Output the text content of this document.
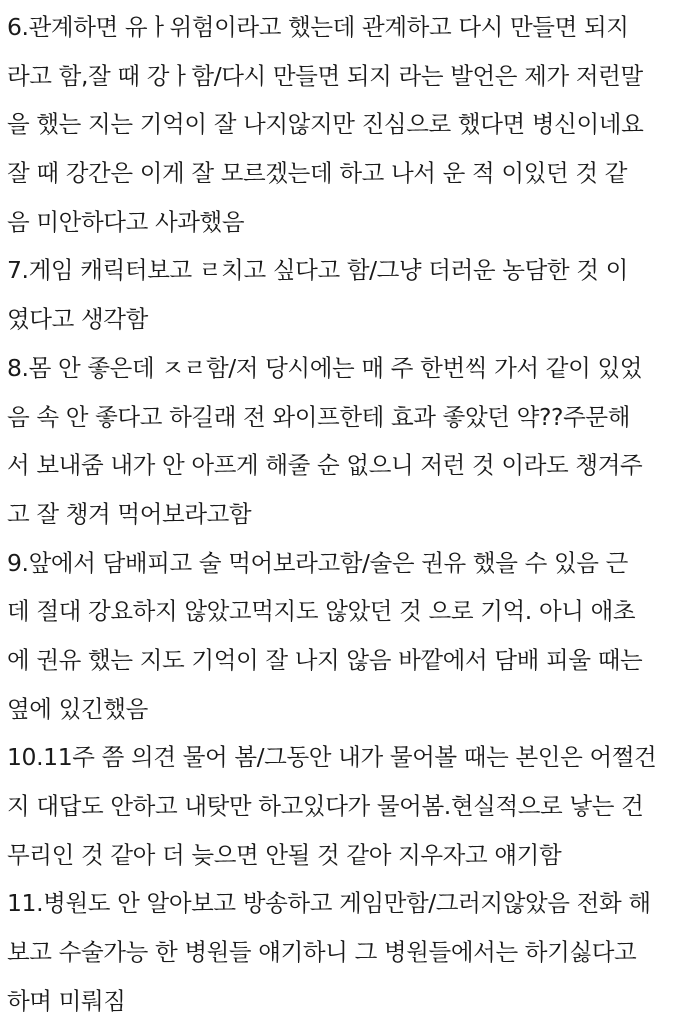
6.관계하면 유ㅏ위험이라고 했는데 관계하고 다시 만들면 되지
라고 함,잘 때 강ㅏ함/다시 만들면 되지 라는 발언은 제가 저런말
을 했는 지는 기억이 잘 나지않지만 진심으로 했다면 병신이네요
잘 때 강간은 이게 잘 모르겠는데 하고 나서 운 적 이있던 것 같
음 미안하다고 사과했음
7.게임 캐릭터보고 ㄹ치고 싶다고 함/그냥 더러운 농담한 것 이
였다고 생각함
8.몸 안 좋은데 ㅈㄹ함/저 당시에는 매 주 한번씩 가서 같이 있었
음 속 안 좋다고 하길래 전 와이프한테 효과 좋았던 약??주문해
서 보내줌 내가 안 아프게 해줄 순 없으니 저런 것 이라도 챙겨주
고 잘 챙겨 먹어보라고함
9.앞에서 담배피고 술 먹어보라고함/술은 권유 했을 수 있음 근
데 절대 강요하지 않았고먹지도 않았던 것 으로 기억. 아니 애초
에 권유 했는 지도 기억이 잘 나지 않음 바깥에서 담배 피울 때는
옆에 있긴했음
10.11주 쯤 의견 물어 봄/그동안 내가 물어볼 때는 본인은 어쩔건
지 대답도 안하고 내탓만 하고있다가 물어봄.현실적으로 낳는 건
무리인 것 같아 더 늦으면 안될 것 같아 지우자고 얘기함
11.병원도 안 알아보고 방송하고 게임만함/그러지않았음 전화 해
보고 수술가능 한 병원들 얘기하니 그 병원들에서는 하기싫다고
하며 미뤄짐
